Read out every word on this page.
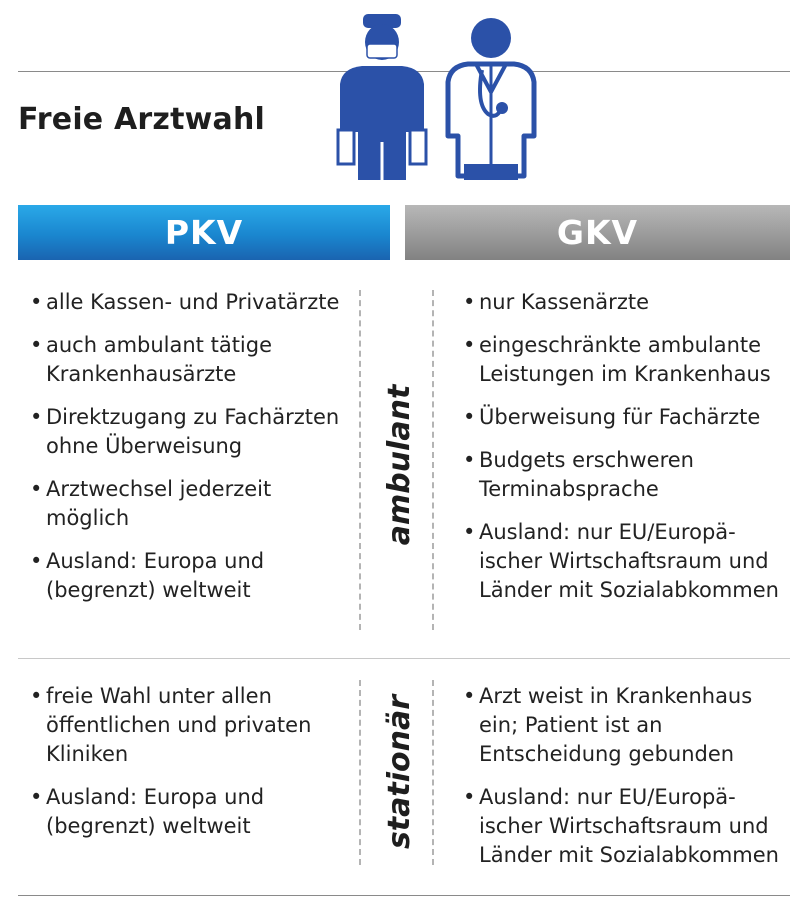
Freie Arztwahl
PKV	GKV
ambulant
stationär
• alle Kassen- und Privatärzte
• auch ambulant tätige Krankenhausärzte
• Direktzugang zu Fachärzten ohne Überweisung
• Arztwechsel jederzeit möglich
• Ausland: Europa und (begrenzt) weltweit
• nur Kassenärzte
• eingeschränkte ambulante Leistungen im Krankenhaus
• Überweisung für Fachärzte
• Budgets erschweren Terminabsprache
• Ausland: nur EU/Europä-ischer Wirtschaftsraum und Länder mit Sozialabkommen
• freie Wahl unter allen öffentlichen und privaten Kliniken
• Ausland: Europa und (begrenzt) weltweit
• Arzt weist in Krankenhaus ein; Patient ist an Entscheidung gebunden
• Ausland: nur EU/Europä-ischer Wirtschaftsraum und Länder mit Sozialabkommen
